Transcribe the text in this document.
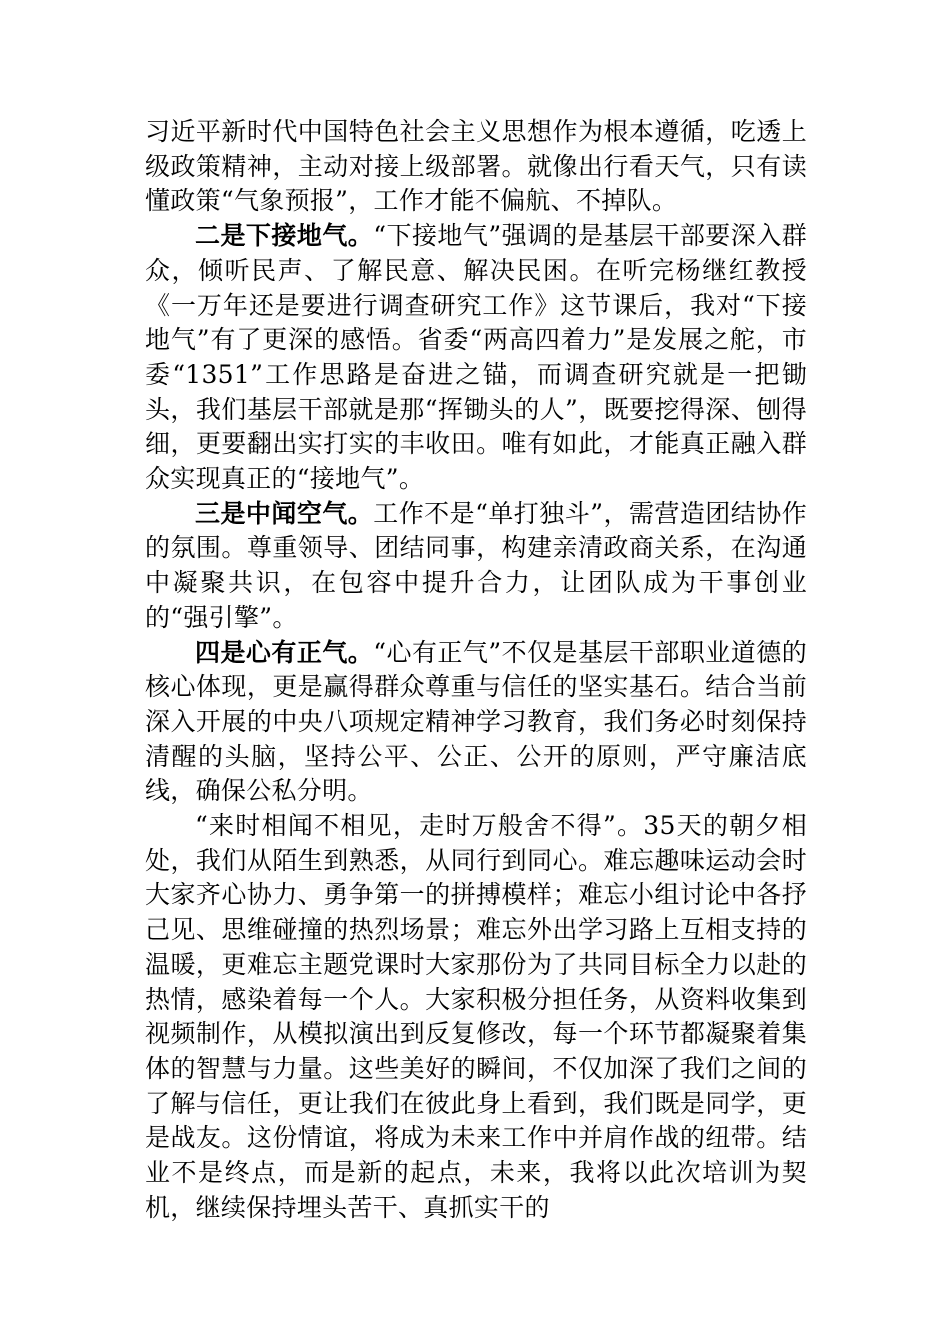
习近平新时代中国特色社会主义思想作为根本遵循，吃透上级政策精神，主动对接上级部署。就像出行看天气，只有读懂政策“气象预报”，工作才能不偏航、不掉队。

二是下接地气。“下接地气”强调的是基层干部要深入群众，倾听民声、了解民意、解决民困。在听完杨继红教授《一万年还是要进行调查研究工作》这节课后，我对“下接地气”有了更深的感悟。省委“两高四着力”是发展之舵，市委“1351”工作思路是奋进之锚，而调查研究就是一把锄头，我们基层干部就是那“挥锄头的人”，既要挖得深、刨得细，更要翻出实打实的丰收田。唯有如此，才能真正融入群众实现真正的“接地气”。

三是中闻空气。工作不是“单打独斗”，需营造团结协作的氛围。尊重领导、团结同事，构建亲清政商关系，在沟通中凝聚共识，在包容中提升合力，让团队成为干事创业的“强引擎”。

四是心有正气。“心有正气”不仅是基层干部职业道德的核心体现，更是赢得群众尊重与信任的坚实基石。结合当前深入开展的中央八项规定精神学习教育，我们务必时刻保持清醒的头脑，坚持公平、公正、公开的原则，严守廉洁底线，确保公私分明。

“来时相闻不相见，走时万般舍不得”。35天的朝夕相处，我们从陌生到熟悉，从同行到同心。难忘趣味运动会时大家齐心协力、勇争第一的拼搏模样；难忘小组讨论中各抒己见、思维碰撞的热烈场景；难忘外出学习路上互相支持的温暖，更难忘主题党课时大家那份为了共同目标全力以赴的热情，感染着每一个人。大家积极分担任务，从资料收集到视频制作，从模拟演出到反复修改，每一个环节都凝聚着集体的智慧与力量。这些美好的瞬间，不仅加深了我们之间的了解与信任，更让我们在彼此身上看到，我们既是同学，更是战友。这份情谊，将成为未来工作中并肩作战的纽带。结业不是终点，而是新的起点，未来，我将以此次培训为契机，继续保持埋头苦干、真抓实干的
